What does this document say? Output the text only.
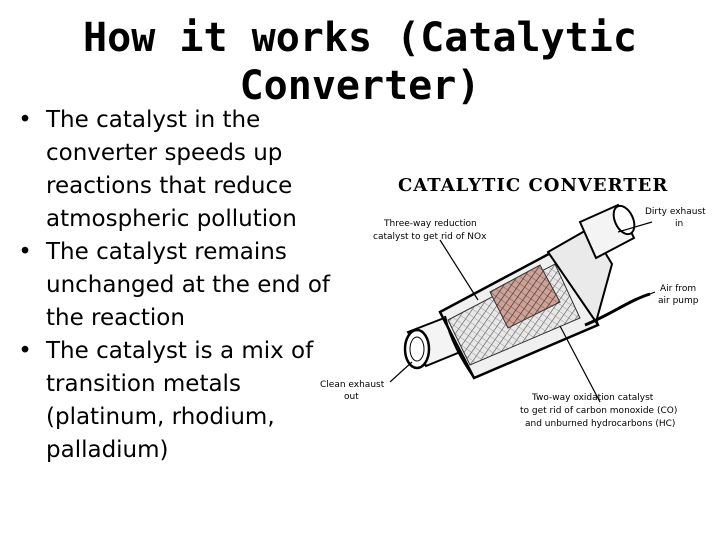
How it works (Catalytic
Converter)
• The catalyst in the converter speeds up reactions that reduce atmospheric pollution
• The catalyst remains unchanged at the end of the reaction
• The catalyst is a mix of transition metals (platinum, rhodium, palladium)
CATALYTIC CONVERTER
Three-way reduction
catalyst to get rid of NOx
Dirty exhaust
in
Air from
air pump
Clean exhaust
out	Two-way oxidation catalyst
to get rid of carbon monoxide (CO)
and unburned hydrocarbons (HC)
